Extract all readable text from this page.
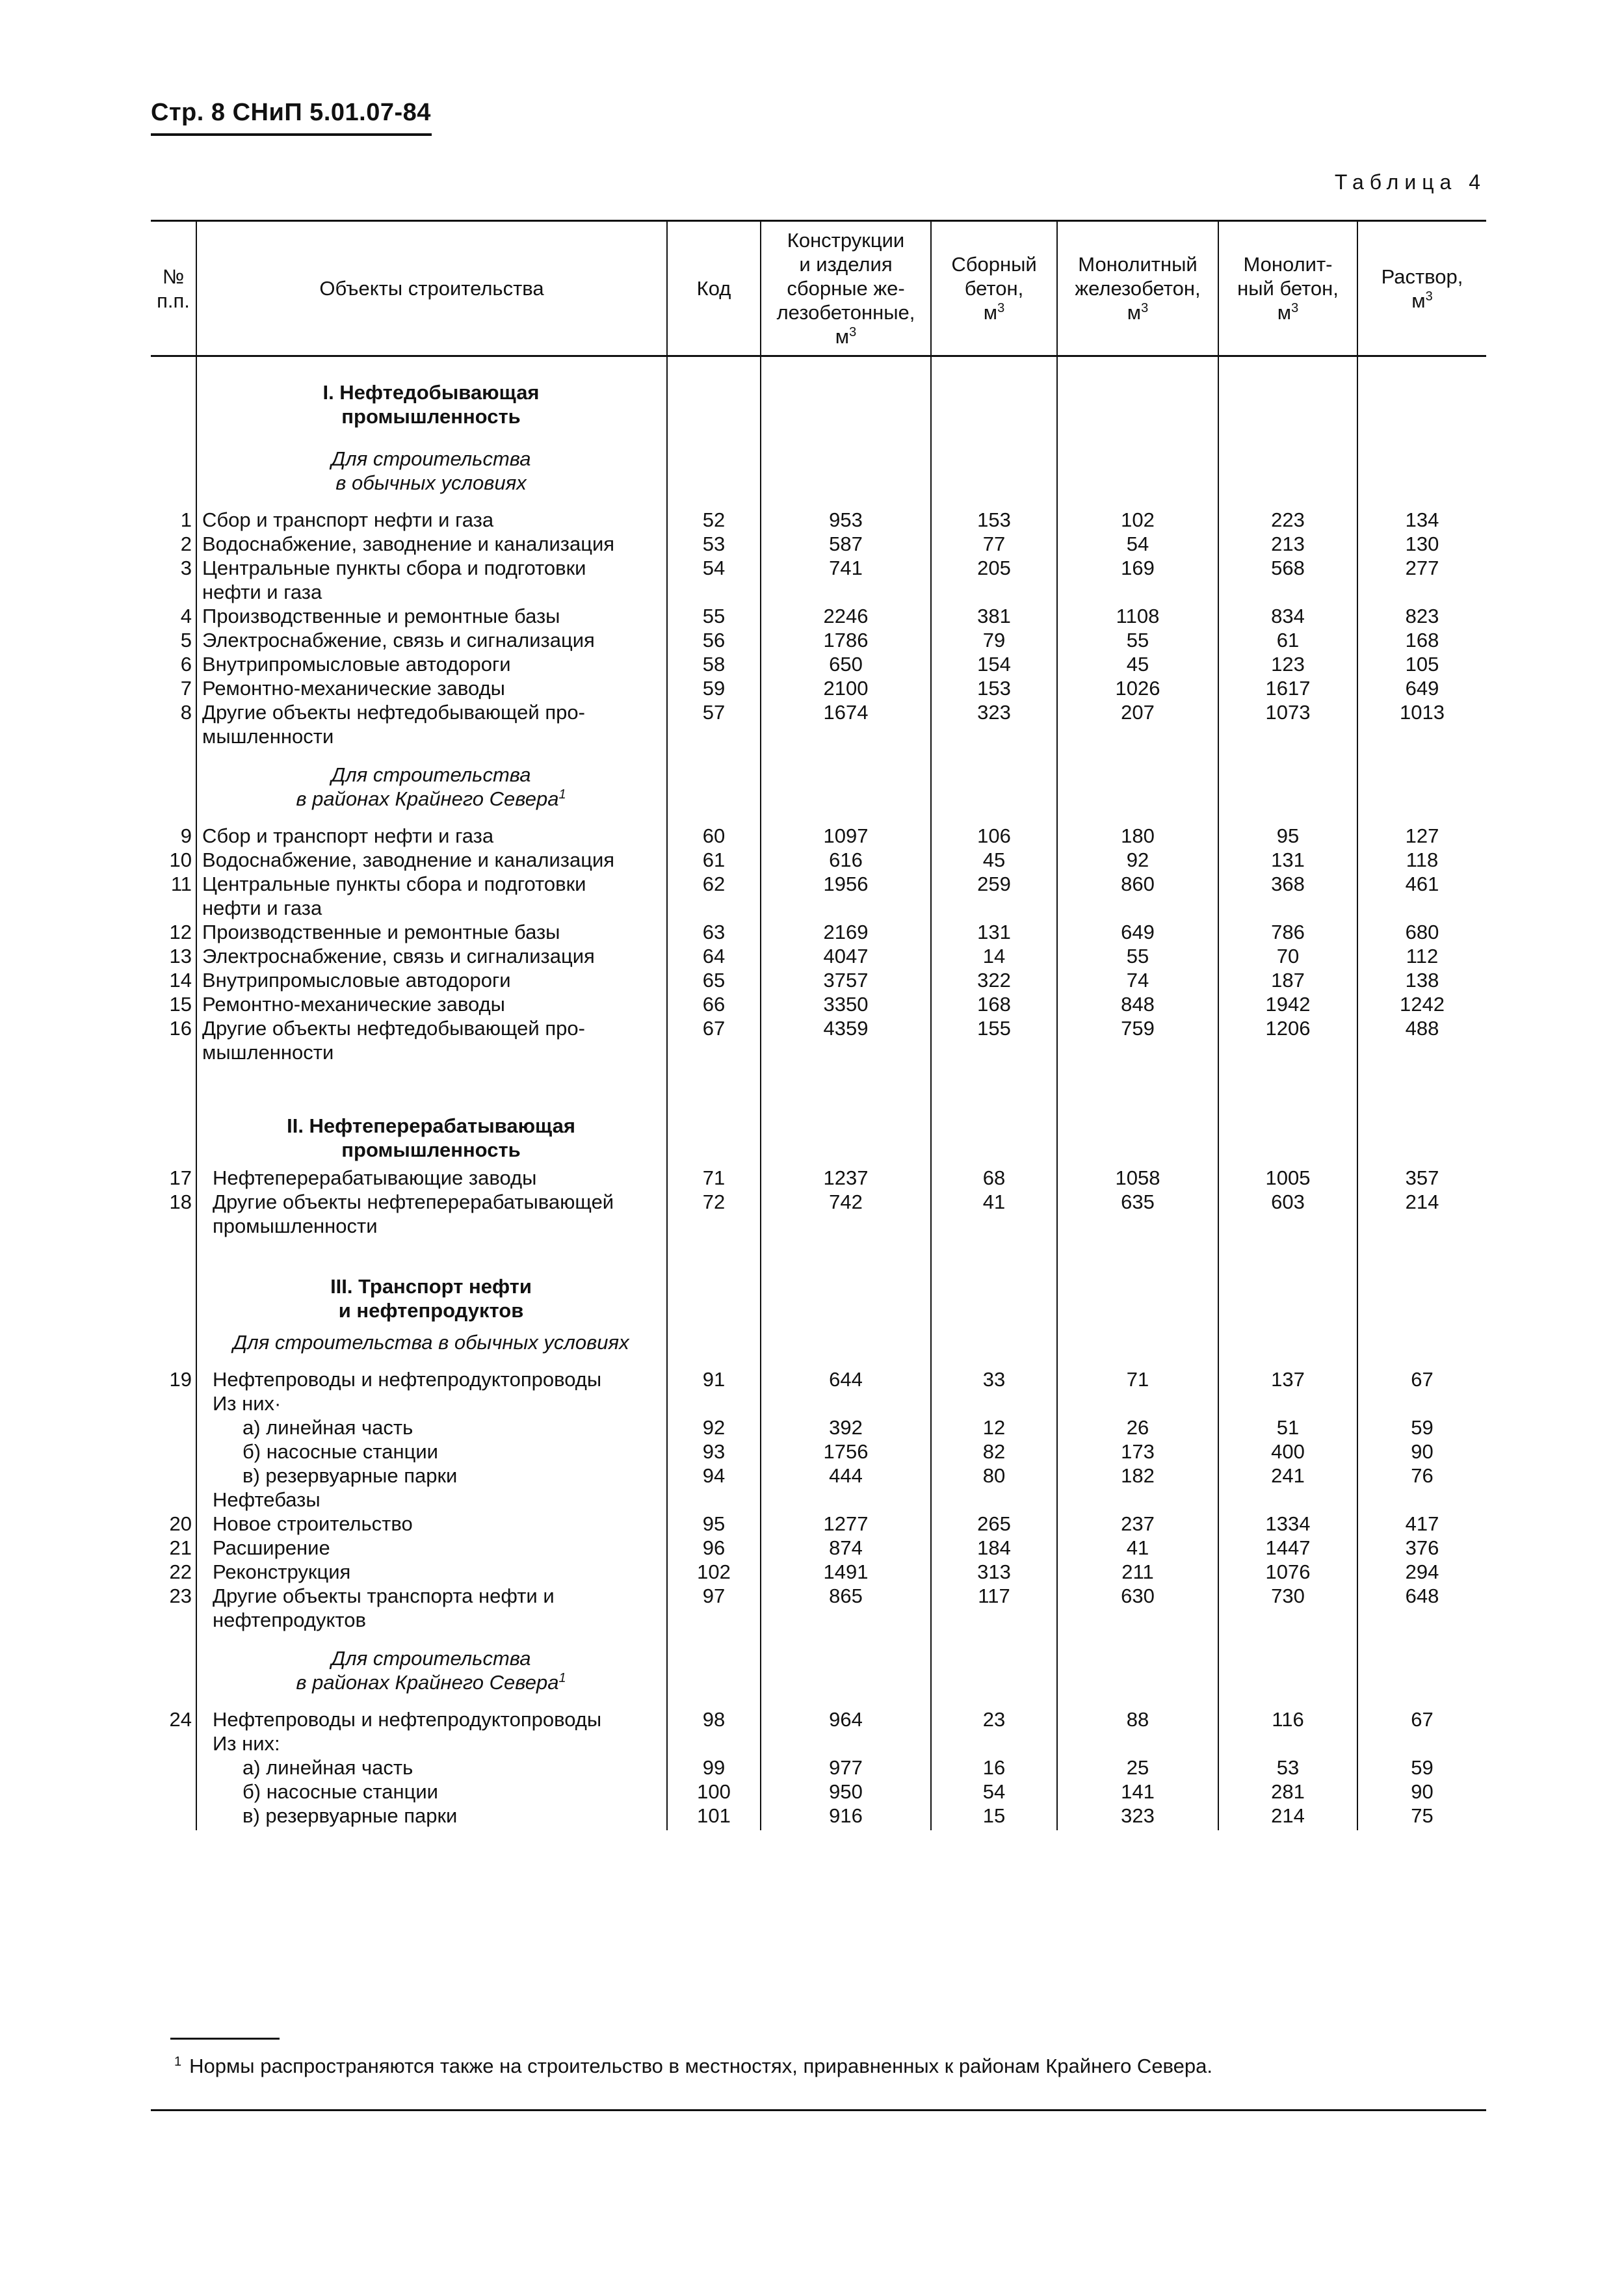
Стр. 8 СНиП 5.01.07-84
Таблица 4
№ п.п.	Объекты строительства	Код	Конструкции
и изделия
сборные же-
лезобетонные,
$м^3$	Сборный
бетон,
$м^3$	Монолитный
железобетон,
$м^3$	Монолит-
ный бетон,
$м^3$	Раствор,
$м^3$
	I. Нефтедобывающая
промышленность						
	Для строительства
в обычных условиях						
1	Сбор и транспорт нефти и газа	52	953	153	102	223	134
2	Водоснабжение, заводнение и канализация	53	587	77	54	213	130
3	Центральные пункты сбора и подготовки
нефти и газа	54	741	205	169	568	277
4	Производственные и ремонтные базы	55	2246	381	1108	834	823
5	Электроснабжение, связь и сигнализация	56	1786	79	55	61	168
6	Внутрипромысловые автодороги	58	650	154	45	123	105
7	Ремонтно-механические заводы	59	2100	153	1026	1617	649
8	Другие объекты нефтедобывающей про-
мышленности	57	1674	323	207	1073	1013
	Для строительства
в районах Крайнего Севера$^1$						
9	Сбор и транспорт нефти и газа	60	1097	106	180	95	127
10	Водоснабжение, заводнение и канализация	61	616	45	92	131	118
11	Центральные пункты сбора и подготовки
нефти и газа	62	1956	259	860	368	461
12	Производственные и ремонтные базы	63	2169	131	649	786	680
13	Электроснабжение, связь и сигнализация	64	4047	14	55	70	112
14	Внутрипромысловые автодороги	65	3757	322	74	187	138
15	Ремонтно-механические заводы	66	3350	168	848	1942	1242
16	Другие объекты нефтедобывающей про-
мышленности	67	4359	155	759	1206	488

	II. Нефтеперерабатывающая
промышленность						
17	Нефтеперерабатывающие заводы	71	1237	68	1058	1005	357
18	Другие объекты нефтеперерабатывающей
промышленности	72	742	41	635	603	214
	III. Транспорт нефти
и нефтепродуктов						
	Для строительства в обычных условиях						
19	Нефтепроводы и нефтепродуктопроводы	91	644	33	71	137	67
	Из них·						
	а) линейная часть	92	392	12	26	51	59
	б) насосные станции	93	1756	82	173	400	90
	в) резервуарные парки	94	444	80	182	241	76
	Нефтебазы						
20	Новое строительство	95	1277	265	237	1334	417
21	Расширение	96	874	184	41	1447	376
22	Реконструкция	102	1491	313	211	1076	294
23	Другие объекты транспорта нефти и
нефтепродуктов	97	865	117	630	730	648
	Для строительства
в районах Крайнего Севера$^1$						
24	Нефтепроводы и нефтепродуктопроводы	98	964	23	88	116	67
	Из них:						
	а) линейная часть	99	977	16	25	53	59
	б) насосные станции	100	950	54	141	281	90
	в) резервуарные парки	101	916	15	323	214	75

$^1$ Нормы распространяются также на строительство в местностях, приравненных к районам Крайнего Севера.
